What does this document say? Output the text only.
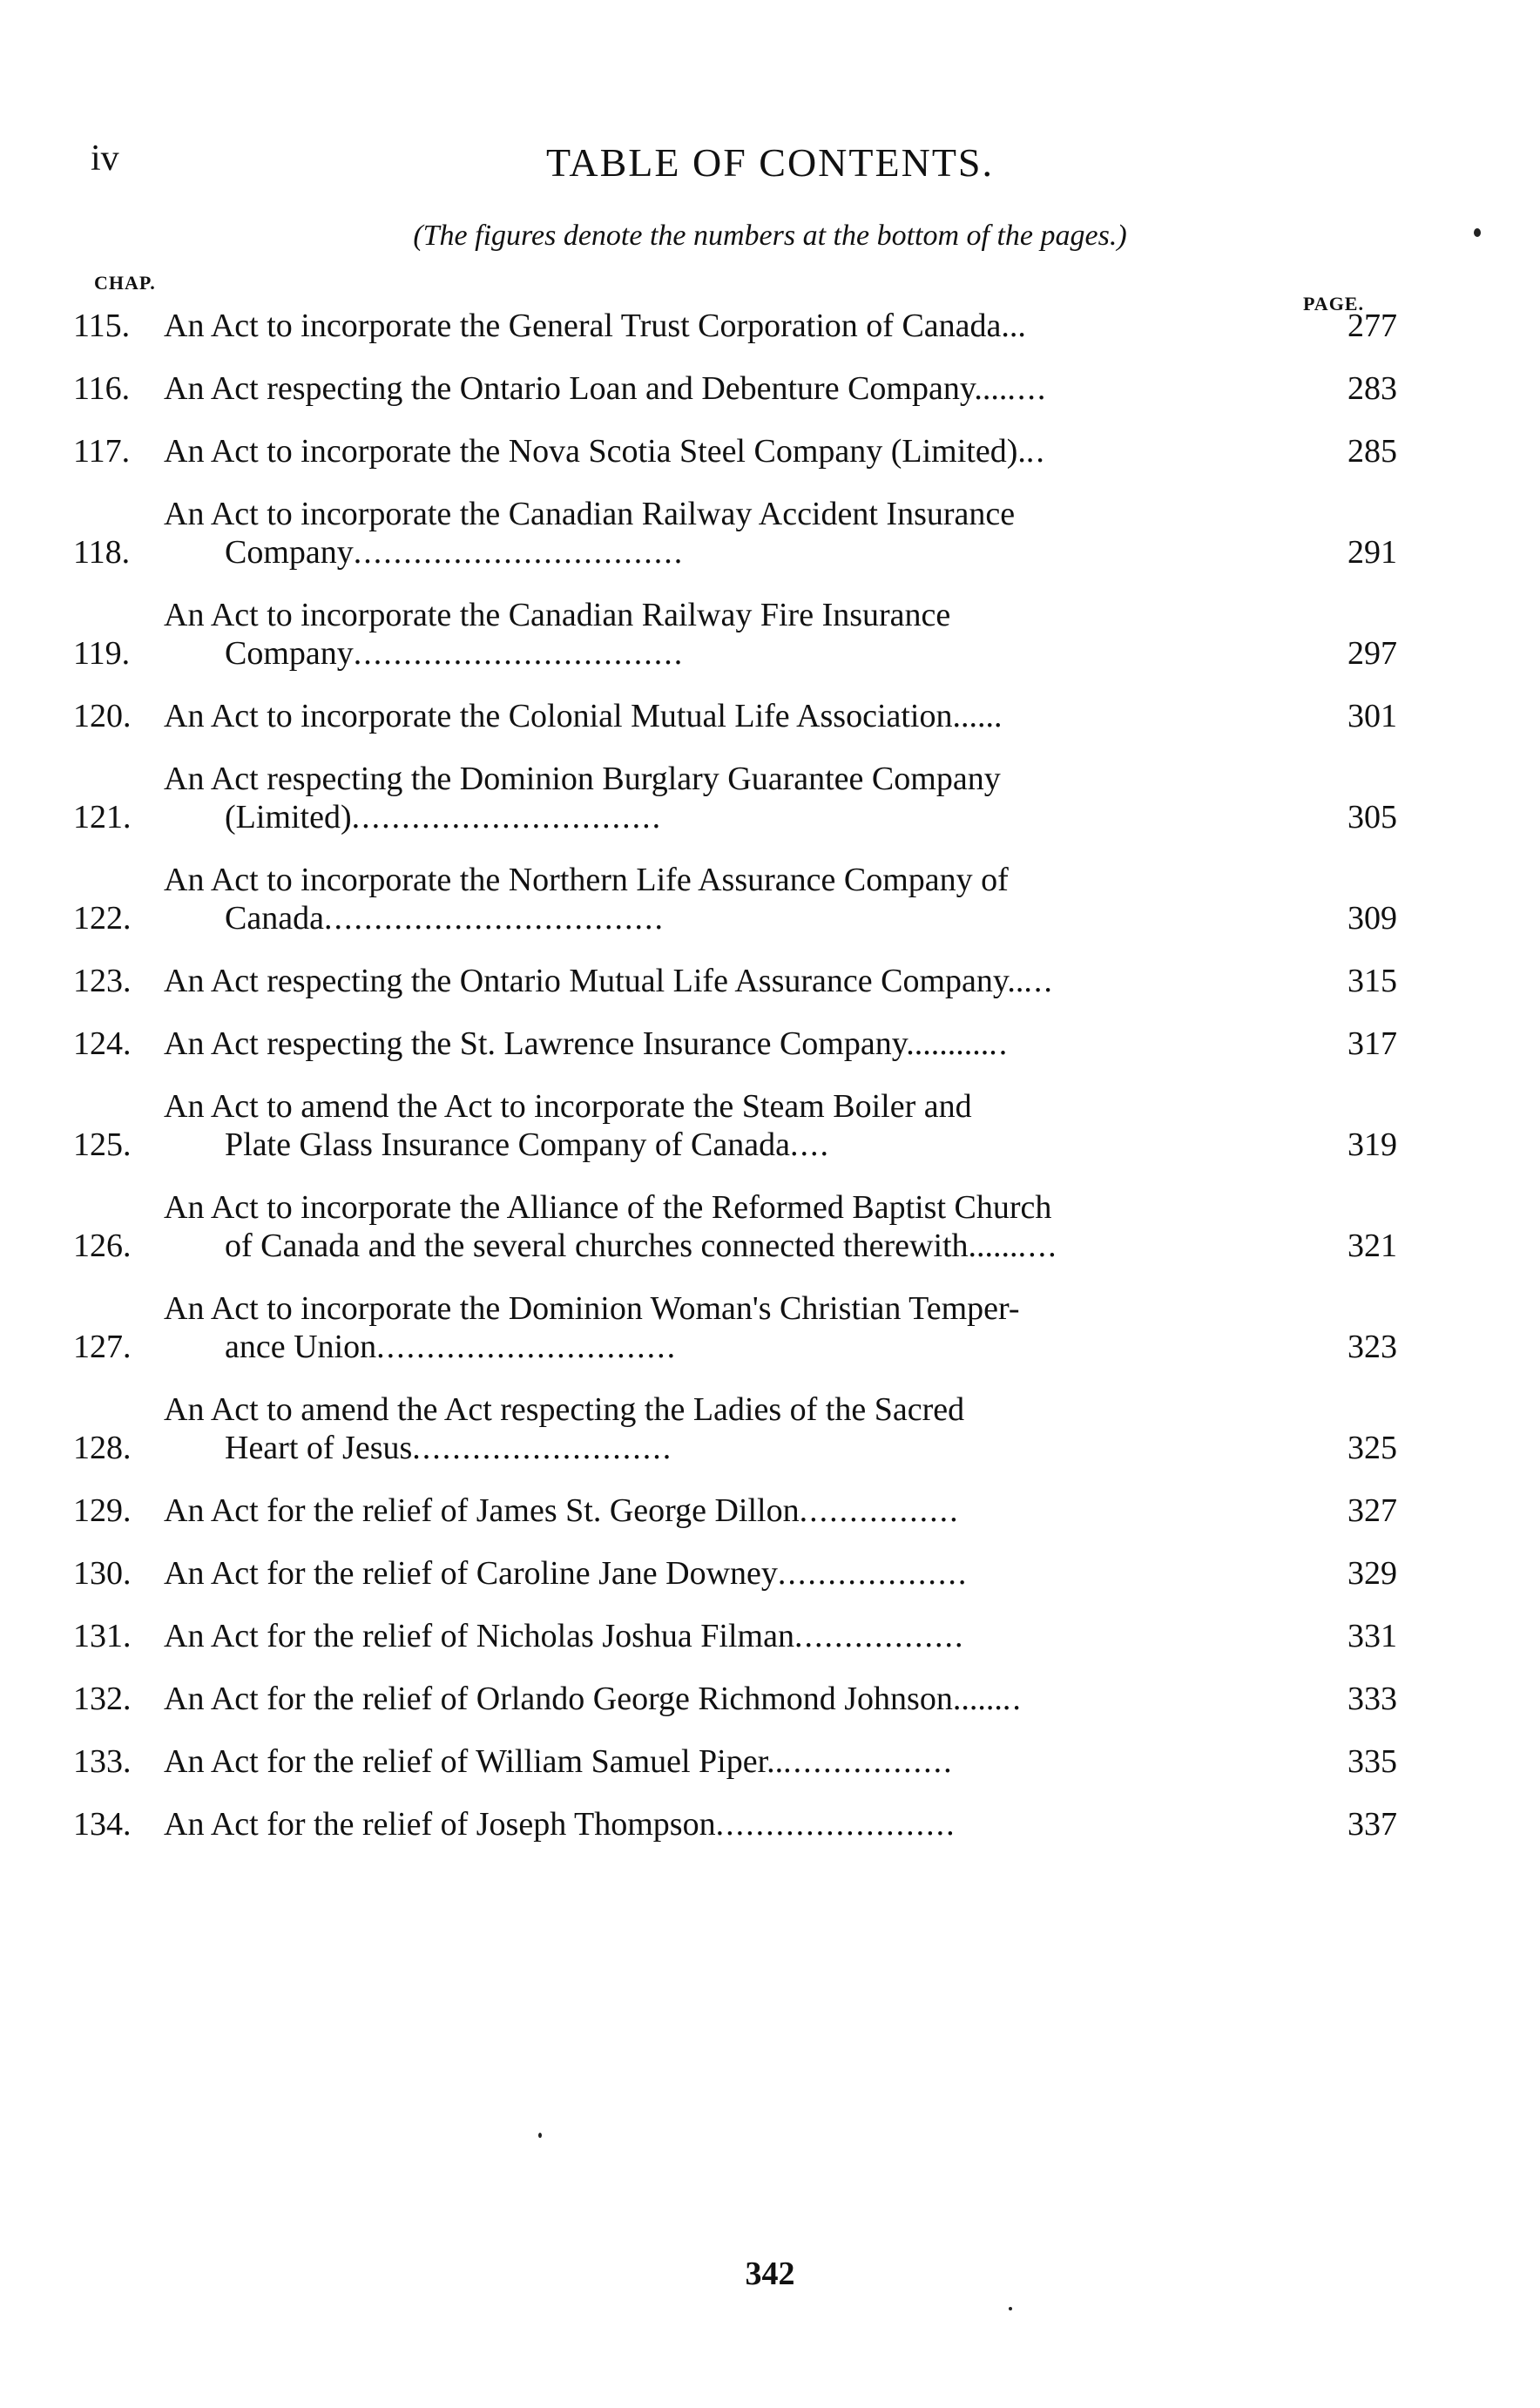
iv	TABLE OF CONTENTS.
(The figures denote the numbers at the bottom of the pages.)
CHAP.
PAGE.
115.	An Act to incorporate the General Trust Corporation of Canada...	277
116.	An Act respecting the Ontario Loan and Debenture Company........	283
117.	An Act to incorporate the Nova Scotia Steel Company (Limited)...	285
118.
An Act to incorporate the Canadian Railway Accident Insurance
Company.................................	291
119.
An Act to incorporate the Canadian Railway Fire Insurance
Company.................................	297
120. An Act to incorporate the Colonial Mutual Life Association......	301
121.
An Act respecting the Dominion Burglary Guarantee Company
(Limited)...............................	305
122.
An Act to incorporate the Northern Life Assurance Company of
Canada..................................	309
123. An Act respecting the Ontario Mutual Life Assurance Company.....	315
124. An Act respecting the St. Lawrence Insurance Company............	317
125.
An Act to amend the Act to incorporate the Steam Boiler and
Plate Glass Insurance Company of Canada....	319
126.
An Act to incorporate the Alliance of the Reformed Baptist Church
of Canada and the several churches connected therewith..........	321
127.
An Act to incorporate the Dominion Woman's Christian Temper-
ance Union..............................	323
128.
An Act to amend the Act respecting the Ladies of the Sacred
Heart of Jesus..........................	325
129. An Act for the relief of James St. George Dillon................	327
130. An Act for the relief of Caroline Jane Downey...................	329
131. An Act for the relief of Nicholas Joshua Filman.................	331
132. An Act for the relief of Orlando George Richmond Johnson........	333
133. An Act for the relief of William Samuel Piper...................	335
134. An Act for the relief of Joseph Thompson........................	337
342
